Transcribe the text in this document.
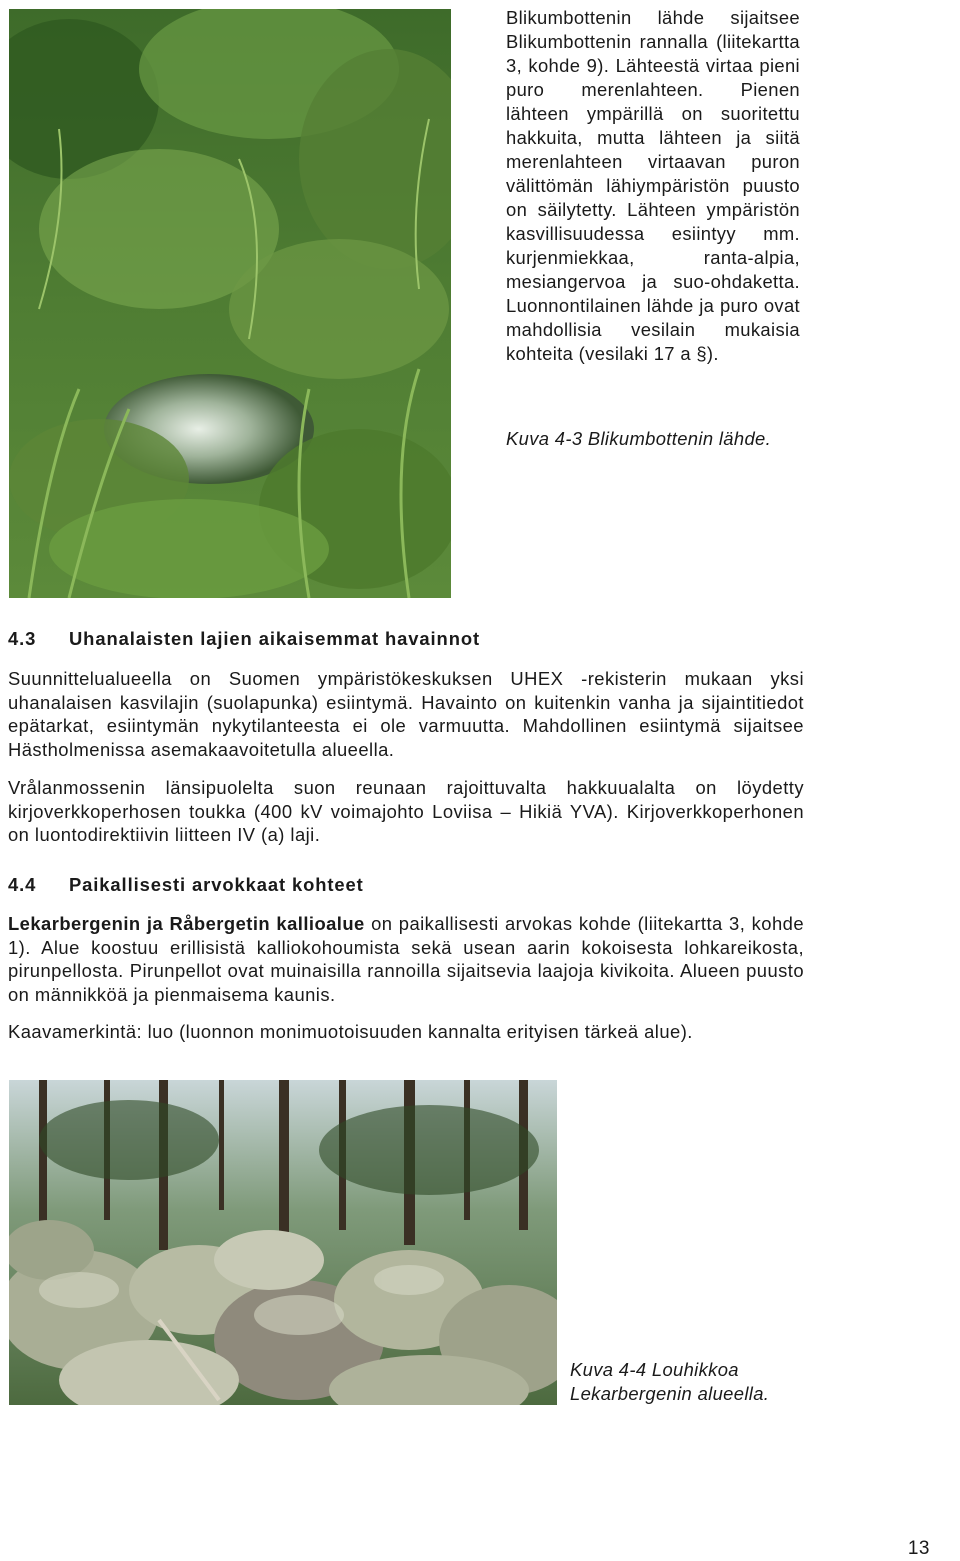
Blikumbottenin lähde sijaitsee Blikumbottenin rannalla (liitekartta 3, kohde 9). Lähteestä virtaa pieni puro merenlahteen. Pienen lähteen ympärillä on suoritettu hakkuita, mutta lähteen ja siitä merenlahteen virtaavan puron välittömän lähiympäristön puusto on säilytetty. Lähteen ympäristön kasvillisuudessa esiintyy mm. kurjenmiekkaa, ranta-alpia, mesiangervoa ja suo-ohdaketta. Luonnontilainen lähde ja puro ovat mahdollisia vesilain mukaisia kohteita (vesilaki 17 a §).
Kuva 4-3 Blikumbottenin lähde.
4.3 Uhanalaisten lajien aikaisemmat havainnot

Suunnittelualueella on Suomen ympäristökeskuksen UHEX -rekisterin mukaan yksi uhanalaisen kasvilajin (suolapunka) esiintymä. Havainto on kuitenkin vanha ja sijaintitiedot epätarkat, esiintymän nykytilanteesta ei ole varmuutta. Mahdollinen esiintymä sijaitsee Hästholmenissa asemakaavoitetulla alueella.

Vrålanmossenin länsipuolelta suon reunaan rajoittuvalta hakkuualalta on löydetty kirjoverkkoperhosen toukka (400 kV voimajohto Loviisa – Hikiä YVA). Kirjoverkkoperhonen on luontodirektiivin liitteen IV (a) laji.

4.4 Paikallisesti arvokkaat kohteet

Lekarbergenin ja Råbergetin kallioalue on paikallisesti arvokas kohde (liitekartta 3, kohde 1). Alue koostuu erillisistä kalliokohoumista sekä usean aarin kokoisesta lohkareikosta, pirunpellosta. Pirunpellot ovat muinaisilla rannoilla sijaitsevia laajoja kivikoita. Alueen puusto on männikköä ja pienmaisema kaunis.

Kaavamerkintä: luo (luonnon monimuotoisuuden kannalta erityisen tärkeä alue).

Kuva 4-4 Louhikkoa Lekarbergenin alueella.
13
